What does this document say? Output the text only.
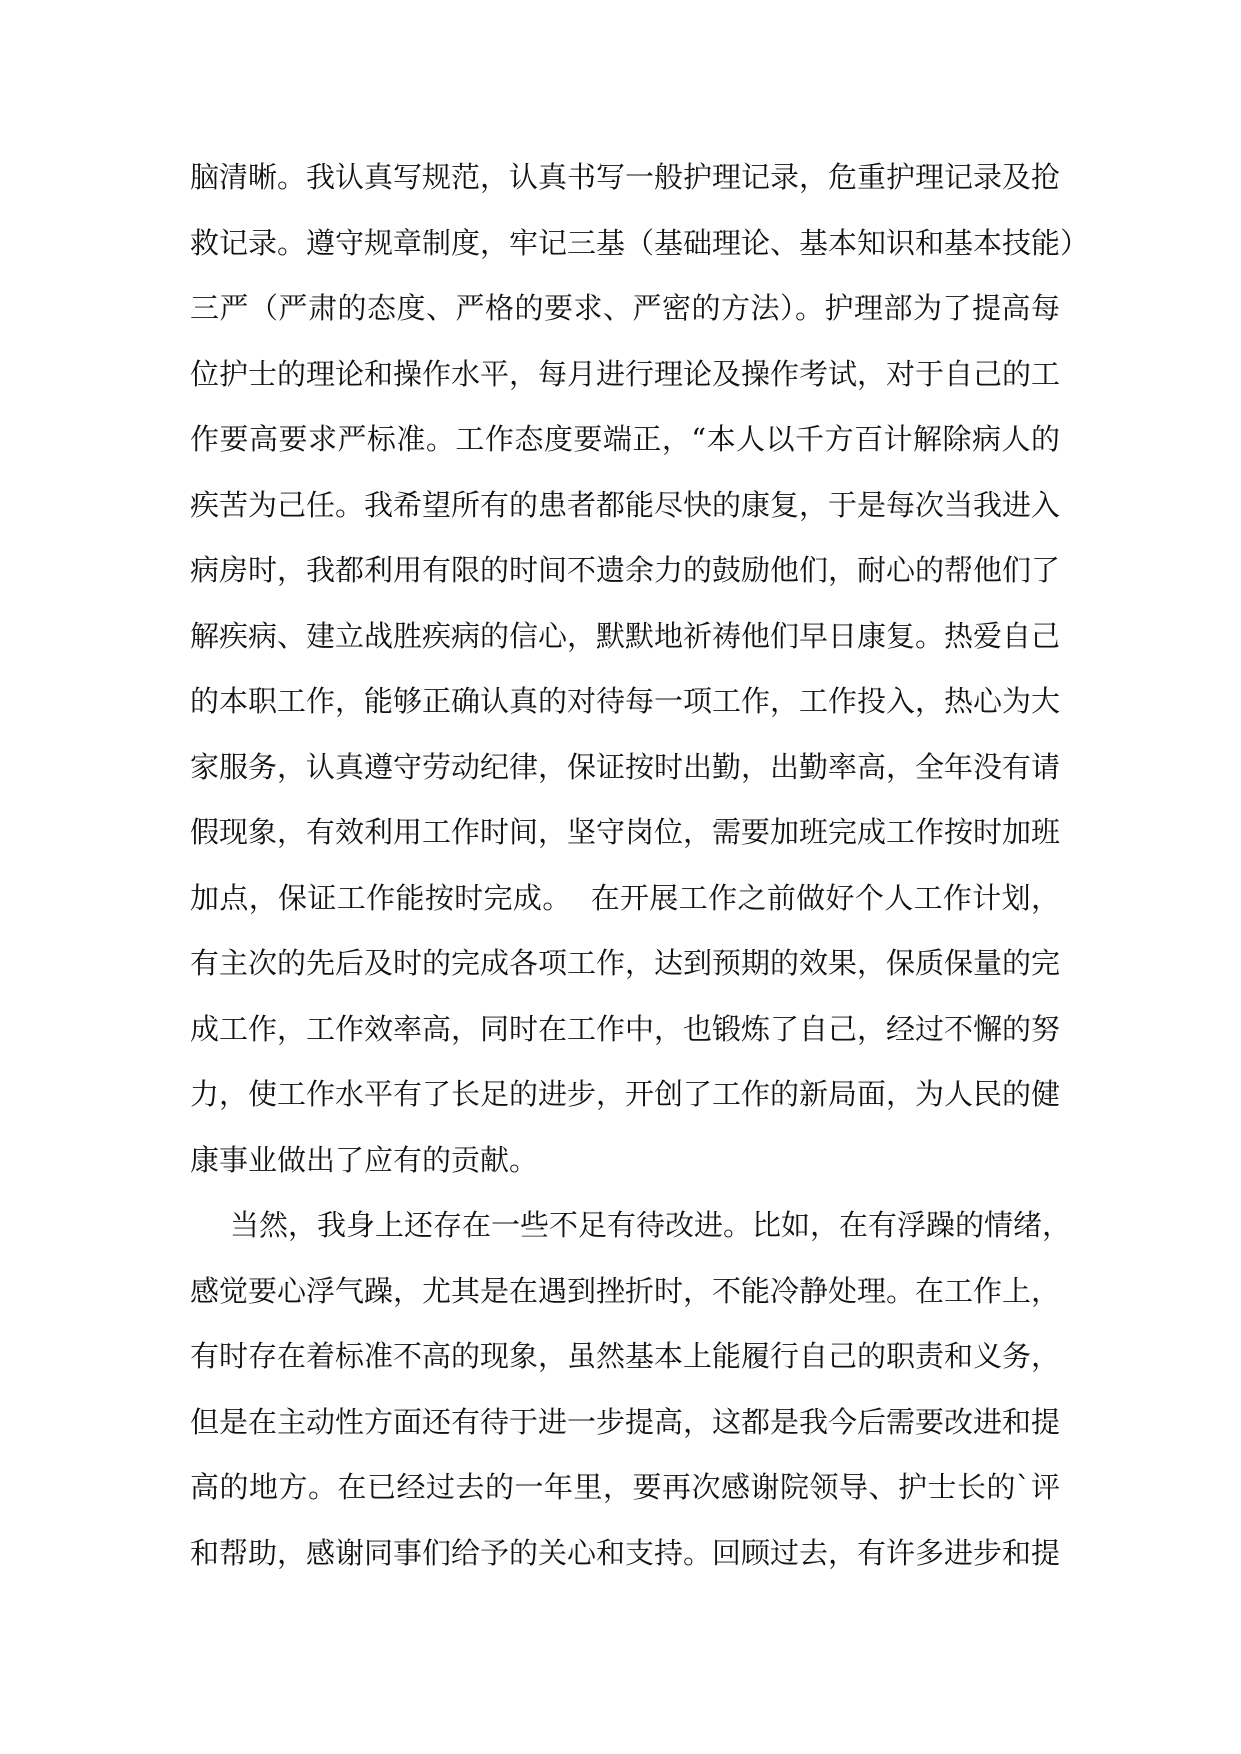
脑清晰。我认真写规范，认真书写一般护理记录，危重护理记录及抢
救记录。遵守规章制度，牢记三基（基础理论、基本知识和基本技能）
三严（严肃的态度、严格的要求、严密的方法）。护理部为了提高每
位护士的理论和操作水平，每月进行理论及操作考试，对于自己的工
作要高要求严标准。工作态度要端正，“本人以千方百计解除病人的
疾苦为己任。我希望所有的患者都能尽快的康复，于是每次当我进入
病房时，我都利用有限的时间不遗余力的鼓励他们，耐心的帮他们了
解疾病、建立战胜疾病的信心，默默地祈祷他们早日康复。热爱自己
的本职工作，能够正确认真的对待每一项工作，工作投入，热心为大
家服务，认真遵守劳动纪律，保证按时出勤，出勤率高，全年没有请
假现象，有效利用工作时间，坚守岗位，需要加班完成工作按时加班
加点，保证工作能按时完成。  在开展工作之前做好个人工作计划，
有主次的先后及时的完成各项工作，达到预期的效果，保质保量的完
成工作，工作效率高，同时在工作中，也锻炼了自己，经过不懈的努
力，使工作水平有了长足的进步，开创了工作的新局面，为人民的健
康事业做出了应有的贡献。
当然，我身上还存在一些不足有待改进。比如，在有浮躁的情绪，
感觉要心浮气躁，尤其是在遇到挫折时，不能冷静处理。在工作上，
有时存在着标准不高的现象，虽然基本上能履行自己的职责和义务，
但是在主动性方面还有待于进一步提高，这都是我今后需要改进和提
高的地方。在已经过去的一年里，要再次感谢院领导、护士长的`评
和帮助，感谢同事们给予的关心和支持。回顾过去，有许多进步和提
